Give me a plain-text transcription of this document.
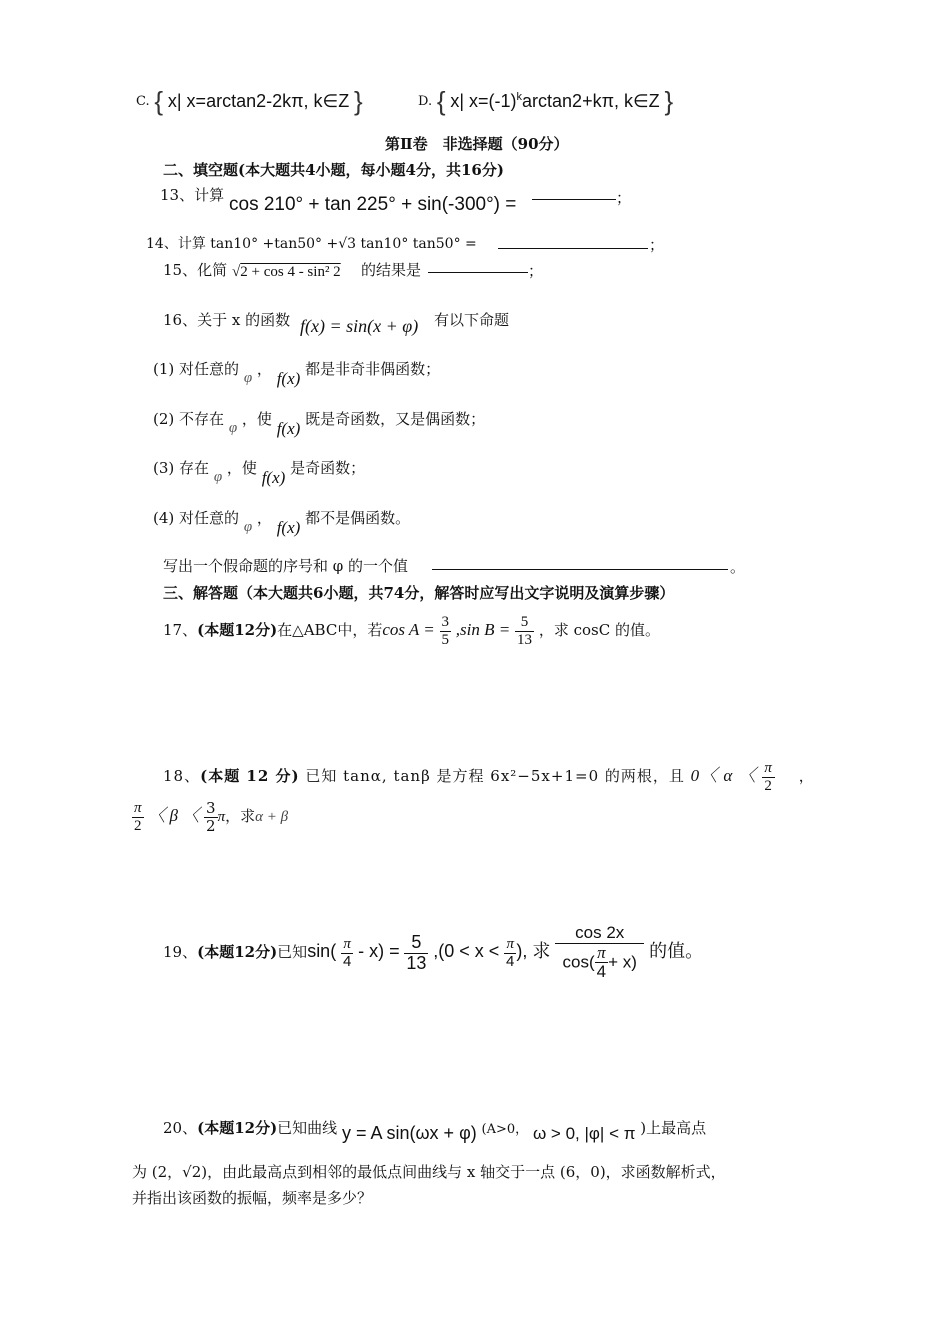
C. { x| x=arctan2-2kπ, k∈Z }	D. { x| $x=(-1)^k\arctan 2+k\pi$, k∈Z }
第Ⅱ卷　非选择题（90分）
二、填空题(本大题共4小题，每小题4分，共16分)
13、计算 cos 210° + tan 225° + sin(-300°) =	；
14、计算 tan10° +tan50° +√3 tan10° tan50° =	；
15、化简 √2 + cos 4 - sin² 2 的结果是	；
16、关于 x 的函数 f(x) = sin(x + φ) 有以下命题
(1) 对任意的 φ ， f(x) 都是非奇非偶函数；
(2) 不存在 φ ，使 f(x) 既是奇函数，又是偶函数；
(3) 存在 φ ，使 f(x) 是奇函数；
(4) 对任意的 φ ， f(x) 都不是偶函数。
写出一个假命题的序号和 φ 的一个值	。
三、解答题（本大题共6小题，共74分，解答时应写出文字说明及演算步骤）
17、(本题12分)在△ABC中，若$\cos A = \frac{3}{5} ,\sin$ $B = \frac{5}{13}$ ，求 cosC 的值。
18、(本题 12 分) 已知 tanα, tanβ 是方程 6x²−5x+1=0 的两根，且 0〈 α 〈 $\frac{\pi}{2}$ ，
$\frac{\pi}{2}$ 〈 β 〈 $\frac{3}{2}$ π，求α + β
19、(本题12分)已知$\sin( \frac{\pi}{4} - x) = \frac{5}{13} ,(0 < x < \frac{\pi}{4}$ ), 求 $\frac{\cos 2x}{\cos( \frac{\pi}{4} + x)}$ 的值。
20、(本题12分)已知曲线 y = A sin(ωx + φ) (A>0， ω > 0, |φ| < π )上最高点
为 (2，√2)，由此最高点到相邻的最低点间曲线与 x 轴交于一点 (6，0)，求函数解析式，
并指出该函数的振幅，频率是多少？
